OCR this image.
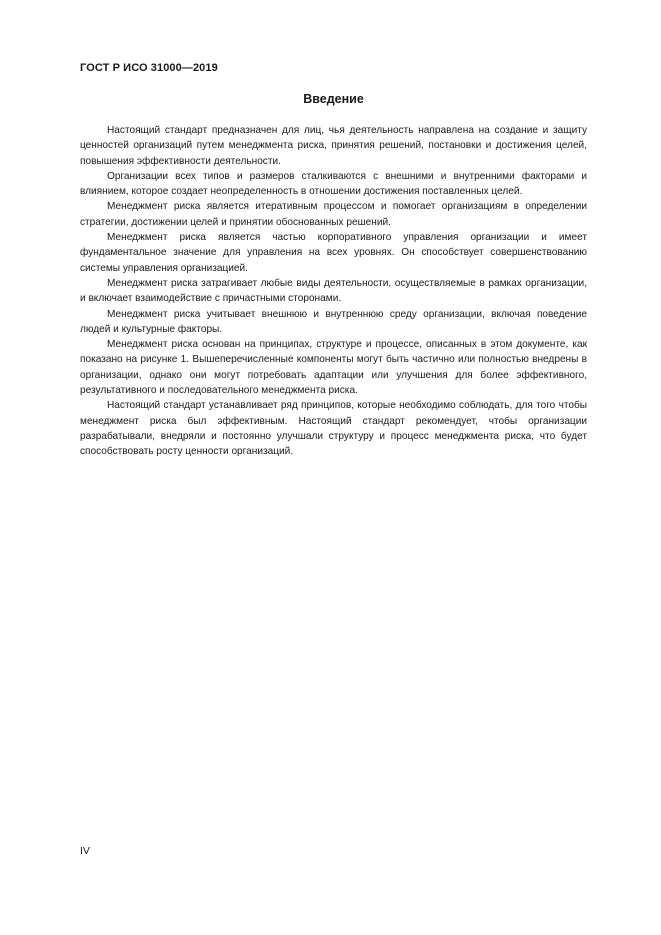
ГОСТ Р ИСО 31000—2019
Введение

Настоящий стандарт предназначен для лиц, чья деятельность направлена на создание и защиту ценностей организаций путем менеджмента риска, принятия решений, постановки и достижения целей, повышения эффективности деятельности.

Организации всех типов и размеров сталкиваются с внешними и внутренними факторами и влиянием, которое создает неопределенность в отношении достижения поставленных целей.

Менеджмент риска является итеративным процессом и помогает организациям в определении стратегии, достижении целей и принятии обоснованных решений.

Менеджмент риска является частью корпоративного управления организации и имеет фундаментальное значение для управления на всех уровнях. Он способствует совершенствованию системы управления организацией.

Менеджмент риска затрагивает любые виды деятельности, осуществляемые в рамках организации, и включает взаимодействие с причастными сторонами.

Менеджмент риска учитывает внешнюю и внутреннюю среду организации, включая поведение людей и культурные факторы.

Менеджмент риска основан на принципах, структуре и процессе, описанных в этом документе, как показано на рисунке 1. Вышеперечисленные компоненты могут быть частично или полностью внедрены в организации, однако они могут потребовать адаптации или улучшения для более эффективного, результативного и последовательного менеджмента риска.

Настоящий стандарт устанавливает ряд принципов, которые необходимо соблюдать, для того чтобы менеджмент риска был эффективным. Настоящий стандарт рекомендует, чтобы организации разрабатывали, внедряли и постоянно улучшали структуру и процесс менеджмента риска, что будет способствовать росту ценности организаций.

IV
